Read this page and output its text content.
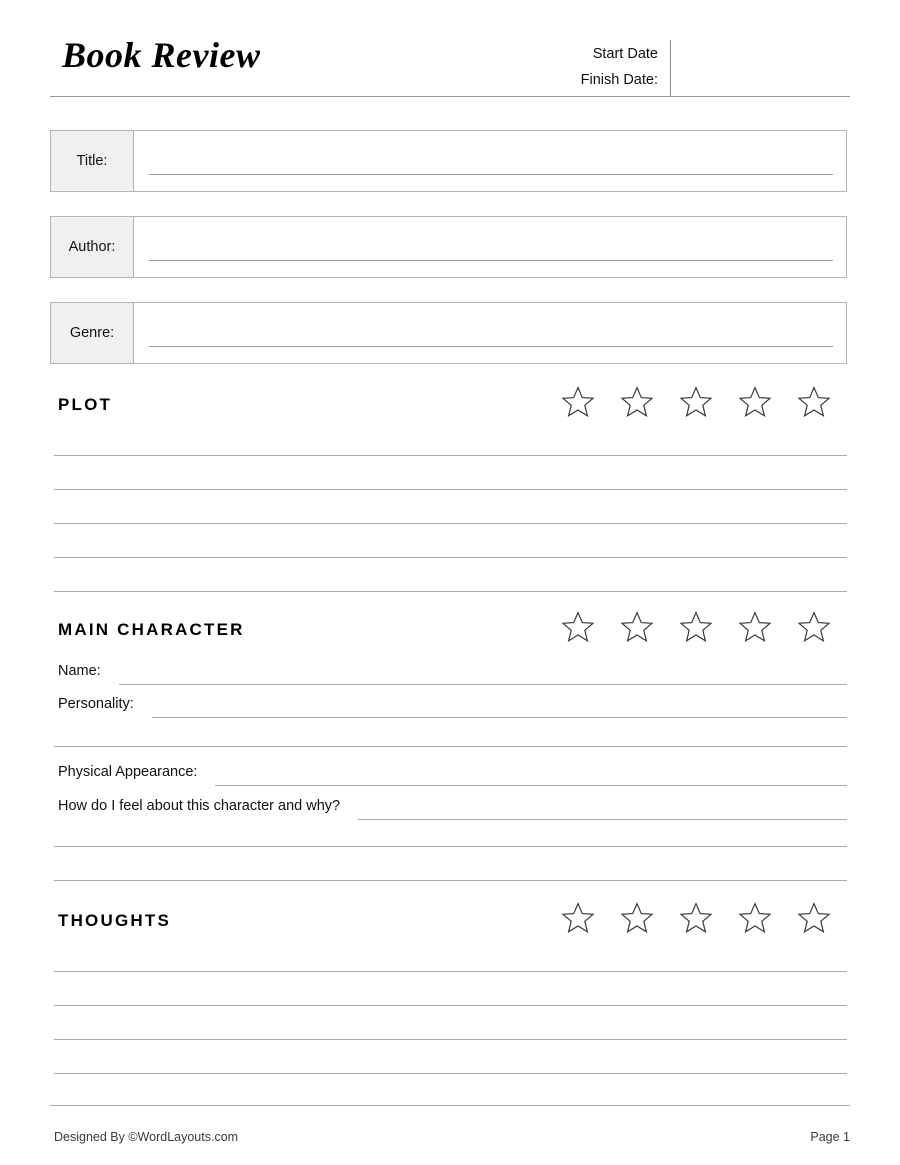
Book Review	Start Date
Finish Date:
Title:
Author:
Genre:
PLOT
MAIN CHARACTER
Name:
Personality:
Physical Appearance:
How do I feel about this character and why?
THOUGHTS
Designed By ©WordLayouts.com	Page 1
